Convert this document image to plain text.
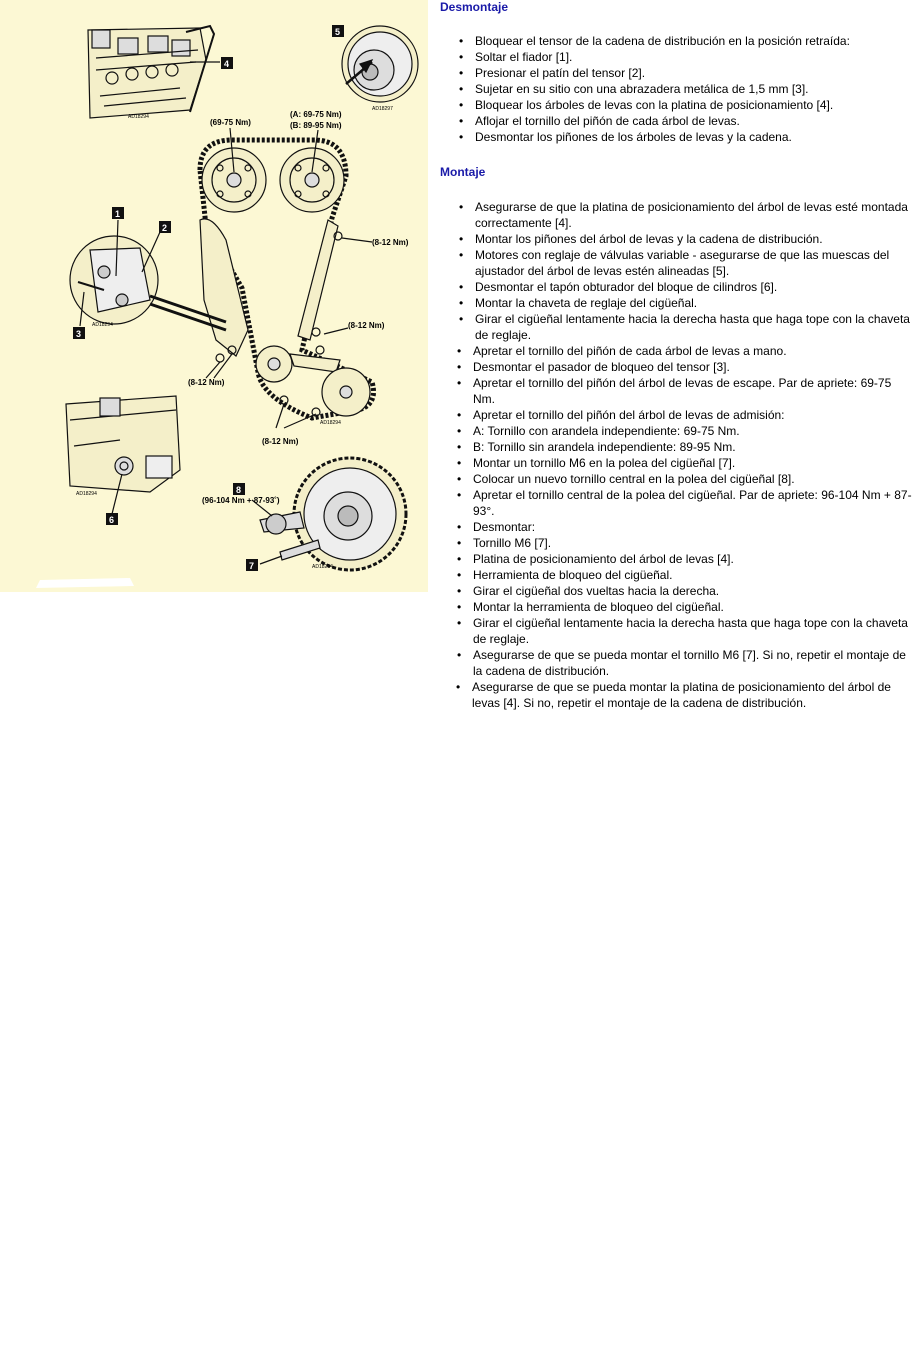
AD18294
AD18297
AD18294
AD18294
AD18294
AD18294
(69-75 Nm)
(A: 69-75 Nm)
(B: 89-95 Nm)
(8-12 Nm)
(8-12 Nm)
(8-12 Nm)
(8-12 Nm)
(96-104 Nm + 87-93˚)
1
2
3
4
5
6
7
8
Desmontaje
• Bloquear el tensor de la cadena de distribución en la posición retraída:
• Soltar el fiador [1].
• Presionar el patín del tensor [2].
• Sujetar en su sitio con una abrazadera metálica de 1,5 mm [3].
• Bloquear los árboles de levas con la platina de posicionamiento [4].
• Aflojar el tornillo del piñón de cada árbol de levas.
• Desmontar los piñones de los árboles de levas y la cadena.
Montaje
• Asegurarse de que la platina de posicionamiento del árbol de levas esté montada correctamente [4].
• Montar los piñones del árbol de levas y la cadena de distribución.
• Motores con reglaje de válvulas variable - asegurarse de que las muescas del ajustador del árbol de levas estén alineadas [5].
• Desmontar el tapón obturador del bloque de cilindros [6].
• Montar la chaveta de reglaje del cigüeñal.
• Girar el cigüeñal lentamente hacia la derecha hasta que haga tope con la chaveta de reglaje.
• Apretar el tornillo del piñón de cada árbol de levas a mano.
• Desmontar el pasador de bloqueo del tensor [3].
• Apretar el tornillo del piñón del árbol de levas de escape. Par de apriete: 69-75 Nm.
• Apretar el tornillo del piñón del árbol de levas de admisión:
• A: Tornillo con arandela independiente: 69-75 Nm.
• B: Tornillo sin arandela independiente: 89-95 Nm.
• Montar un tornillo M6 en la polea del cigüeñal [7].
• Colocar un nuevo tornillo central en la polea del cigüeñal [8].
• Apretar el tornillo central de la polea del cigüeñal. Par de apriete: 96-104 Nm + 87-93°.
• Desmontar:
• Tornillo M6 [7].
• Platina de posicionamiento del árbol de levas [4].
• Herramienta de bloqueo del cigüeñal.
• Girar el cigüeñal dos vueltas hacia la derecha.
• Montar la herramienta de bloqueo del cigüeñal.
• Girar el cigüeñal lentamente hacia la derecha hasta que haga tope con la chaveta de reglaje.
• Asegurarse de que se pueda montar el tornillo M6 [7]. Si no, repetir el montaje de la cadena de distribución.
• Asegurarse de que se pueda montar la platina de posicionamiento del árbol de levas [4]. Si no, repetir el montaje de la cadena de distribución.
